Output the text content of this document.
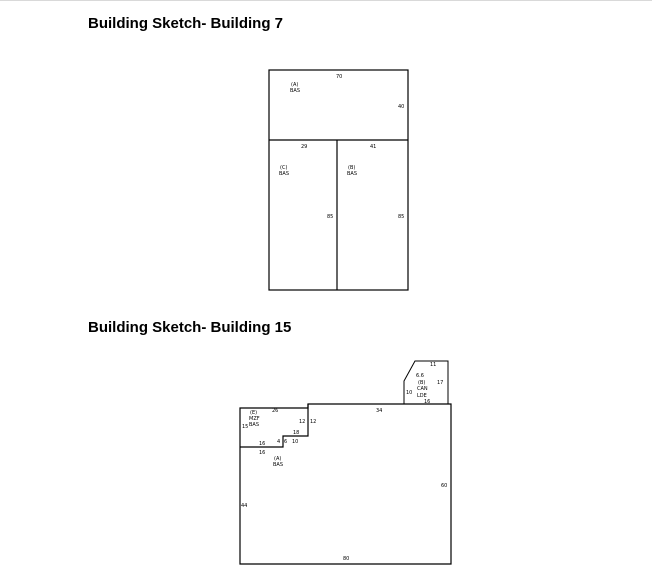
Building Sketch- Building 7
Building Sketch- Building 15
70
40
(A)
BAS
29	41
(C)
BAS
(B)
BAS
85	85
11
6.6
(B)
CAN
LDE
17
10
16
34
60
44
80
(E)
MZF
BAS
15
26
12 12
18
10
16 4 6
16
(A)
BAS
